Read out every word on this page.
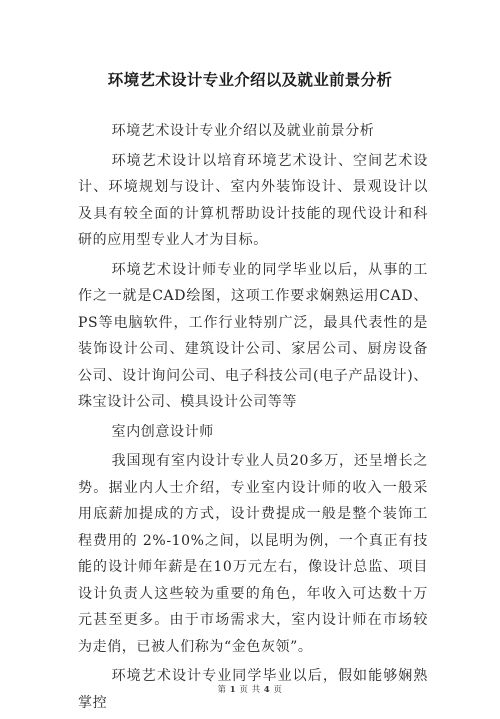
环境艺术设计专业介绍以及就业前景分析

环境艺术设计专业介绍以及就业前景分析

环境艺术设计以培育环境艺术设计、空间艺术设计、环境规划与设计、室内外装饰设计、景观设计以及具有较全面的计算机帮助设计技能的现代设计和科研的应用型专业人才为目标。

环境艺术设计师专业的同学毕业以后，从事的工作之一就是CAD绘图，这项工作要求娴熟运用CAD、PS等电脑软件，工作行业特别广泛，最具代表性的是装饰设计公司、建筑设计公司、家居公司、厨房设备公司、设计询问公司、电子科技公司(电子产品设计)、珠宝设计公司、模具设计公司等等

室内创意设计师

我国现有室内设计专业人员20多万，还呈增长之势。据业内人士介绍，专业室内设计师的收入一般采用底薪加提成的方式，设计费提成一般是整个装饰工程费用的 2%-10%之间，以昆明为例，一个真正有技能的设计师年薪是在10万元左右，像设计总监、项目设计负责人这些较为重要的角色，年收入可达数十万元甚至更多。由于市场需求大，室内设计师在市场较为走俏，已被人们称为“金色灰领”。

环境艺术设计专业同学毕业以后，假如能够娴熟掌控

第 1 页 共 4 页
